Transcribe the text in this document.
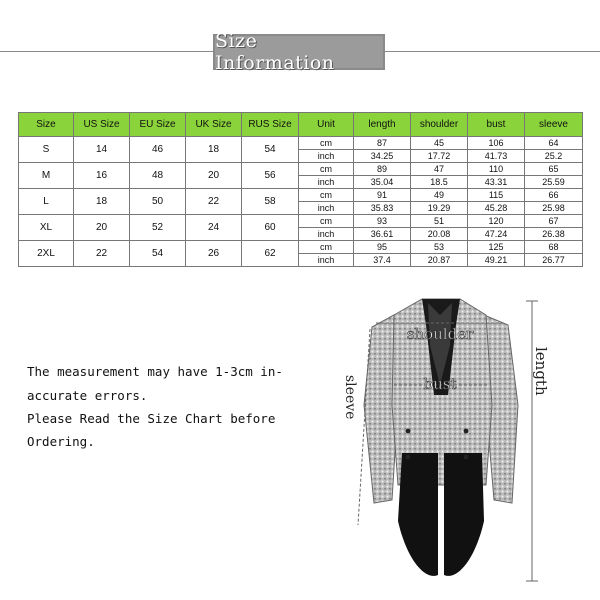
Size Information
Size	US Size	EU Size	UK Size	RUS Size	Unit	length	shoulder	bust	sleeve
S	14	46	18	54	cm	87	45	106	64
					inch	34.25	17.72	41.73	25.2
M	16	48	20	56	cm	89	47	110	65
					inch	35.04	18.5	43.31	25.59
L	18	50	22	58	cm	91	49	115	66
					inch	35.83	19.29	45.28	25.98
XL	20	52	24	60	cm	93	51	120	67
					inch	36.61	20.08	47.24	26.38
2XL	22	54	26	62	cm	95	53	125	68
					inch	37.4	20.87	49.21	26.77
The measurement may have 1-3cm in-
accurate errors.
Please Read the Size Chart before
Ordering.
shoulder
bust
sleeve
length
